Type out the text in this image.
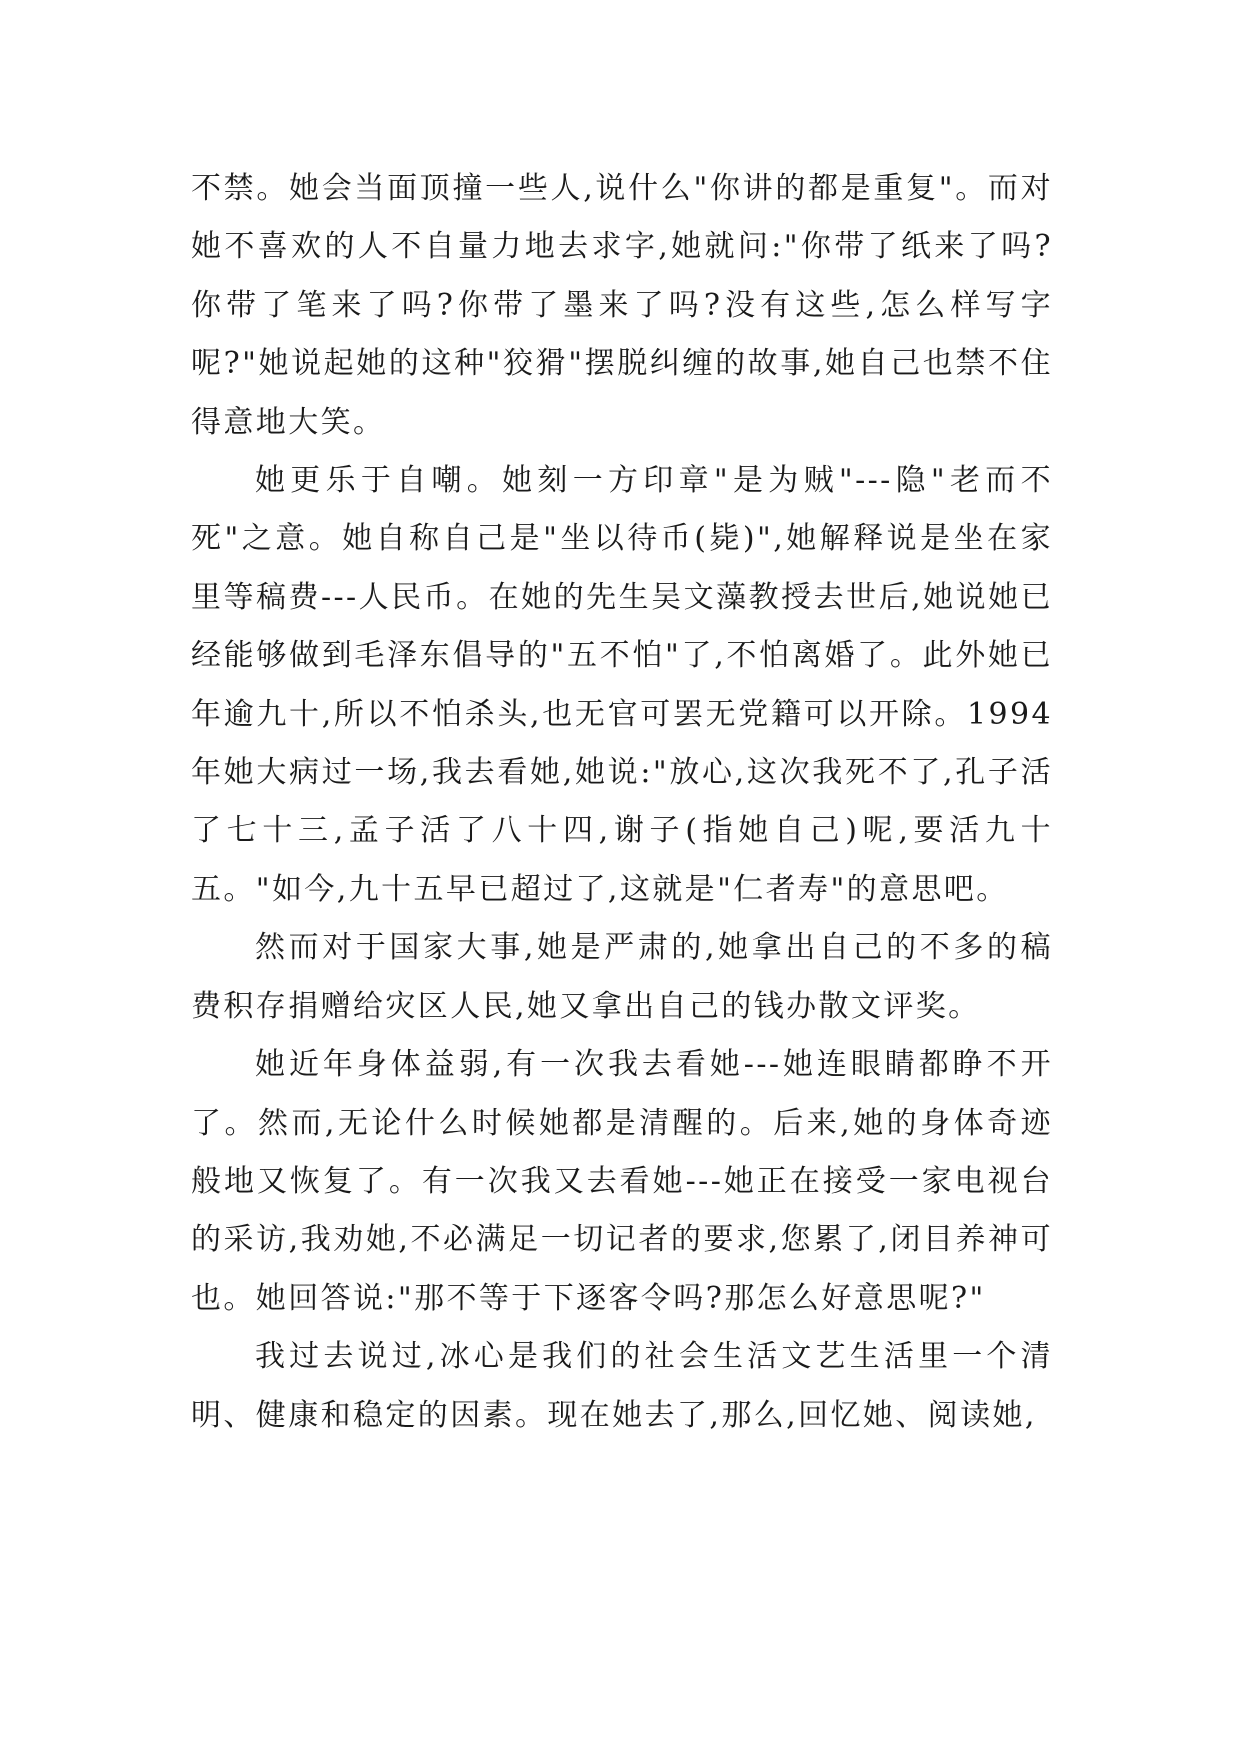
不禁。她会当面顶撞一些人,说什么"你讲的都是重复"。而对她不喜欢的人不自量力地去求字,她就问:"你带了纸来了吗?你带了笔来了吗?你带了墨来了吗?没有这些,怎么样写字呢?"她说起她的这种"狡猾"摆脱纠缠的故事,她自己也禁不住得意地大笑。

她更乐于自嘲。她刻一方印章"是为贼"---隐"老而不死"之意。她自称自己是"坐以待币(毙)",她解释说是坐在家里等稿费---人民币。在她的先生吴文藻教授去世后,她说她已经能够做到毛泽东倡导的"五不怕"了,不怕离婚了。此外她已年逾九十,所以不怕杀头,也无官可罢无党籍可以开除。1994 年她大病过一场,我去看她,她说:"放心,这次我死不了,孔子活了七十三,孟子活了八十四,谢子(指她自己)呢,要活九十五。"如今,九十五早已超过了,这就是"仁者寿"的意思吧。

然而对于国家大事,她是严肃的,她拿出自己的不多的稿费积存捐赠给灾区人民,她又拿出自己的钱办散文评奖。

她近年身体益弱,有一次我去看她---她连眼睛都睁不开了。然而,无论什么时候她都是清醒的。后来,她的身体奇迹般地又恢复了。有一次我又去看她---她正在接受一家电视台的采访,我劝她,不必满足一切记者的要求,您累了,闭目养神可也。她回答说:"那不等于下逐客令吗?那怎么好意思呢?"

我过去说过,冰心是我们的社会生活文艺生活里一个清明、健康和稳定的因素。现在她去了,那么,回忆她、阅读她,
